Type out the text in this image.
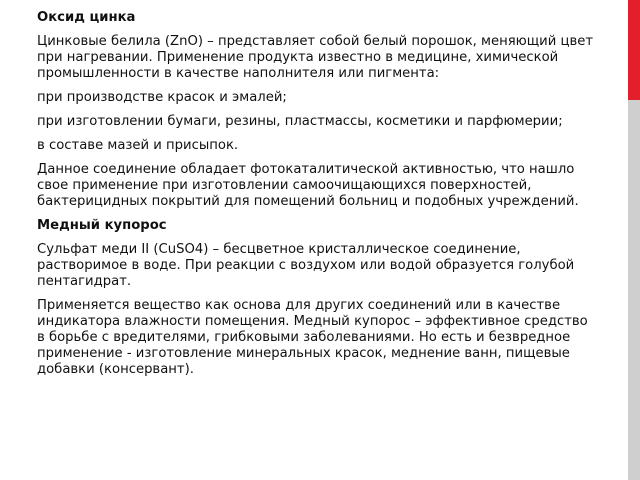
Оксид цинка

Цинковые белила (ZnO) – представляет собой белый порошок, меняющий цвет при нагревании. Применение продукта известно в медицине, химической промышленности в качестве наполнителя или пигмента:

при производстве красок и эмалей;

при изготовлении бумаги, резины, пластмассы, косметики и парфюмерии;

в составе мазей и присыпок.

Данное соединение обладает фотокаталитической активностью, что нашло свое применение при изготовлении самоочищающихся поверхностей, бактерицидных покрытий для помещений больниц и подобных учреждений.

Медный купорос

Сульфат меди II (CuSO4) – бесцветное кристаллическое соединение, растворимое в воде. При реакции с воздухом или водой образуется голубой пентагидрат.

Применяется вещество как основа для других соединений или в качестве индикатора влажности помещения. Медный купорос – эффективное средство в борьбе с вредителями, грибковыми заболеваниями. Но есть и безвредное применение - изготовление минеральных красок, меднение ванн, пищевые добавки (консервант).
